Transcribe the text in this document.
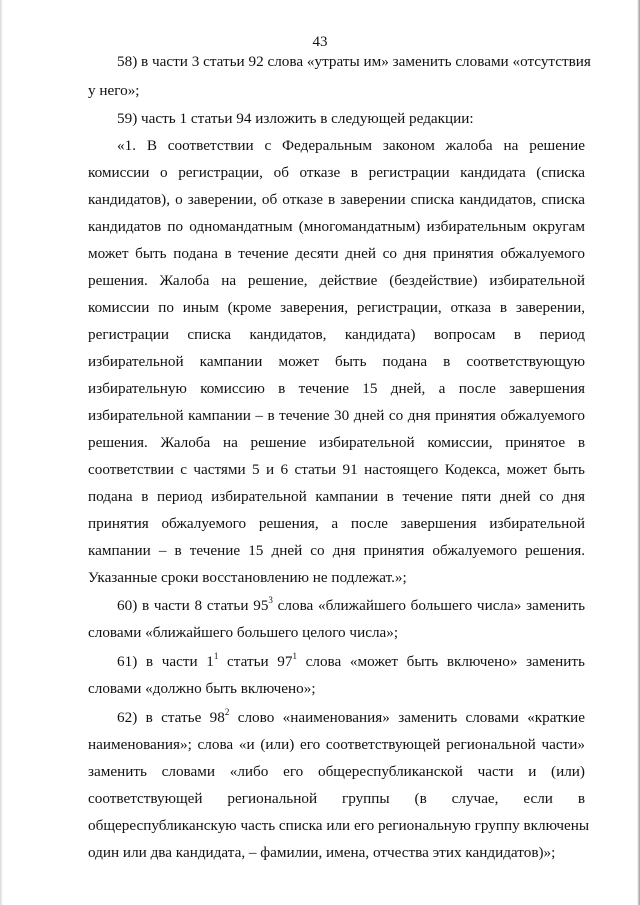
43
58) в части 3 статьи 92 слова «утраты им» заменить словами «отсутствия
у него»;
59) часть 1 статьи 94 изложить в следующей редакции:
«1. В соответствии с Федеральным законом жалоба на решение
комиссии о регистрации, об отказе в регистрации кандидата (списка
кандидатов), о заверении, об отказе в заверении списка кандидатов, списка
кандидатов по одномандатным (многомандатным) избирательным округам
может быть подана в течение десяти дней со дня принятия обжалуемого
решения. Жалоба на решение, действие (бездействие) избирательной
комиссии по иным (кроме заверения, регистрации, отказа в заверении,
регистрации списка кандидатов, кандидата) вопросам в период
избирательной кампании может быть подана в соответствующую
избирательную комиссию в течение 15 дней, а после завершения
избирательной кампании – в течение 30 дней со дня принятия обжалуемого
решения. Жалоба на решение избирательной комиссии, принятое в
соответствии с частями 5 и 6 статьи 91 настоящего Кодекса, может быть
подана в период избирательной кампании в течение пяти дней со дня
принятия обжалуемого решения, а после завершения избирательной
кампании – в течение 15 дней со дня принятия обжалуемого решения.
Указанные сроки восстановлению не подлежат.»;
60) в части 8 статьи $95^3$ слова «ближайшего большего числа» заменить
словами «ближайшего большего целого числа»;
61) в части $1^1$ статьи $97^1$ слова «может быть включено» заменить
словами «должно быть включено»;
62) в статье $98^2$ слово «наименования» заменить словами «краткие
наименования»; слова «и (или) его соответствующей региональной части»
заменить словами «либо его общереспубликанской части и (или)
соответствующей региональной группы (в случае, если в
общереспубликанскую часть списка или его региональную группу включены
один или два кандидата, – фамилии, имена, отчества этих кандидатов)»;
